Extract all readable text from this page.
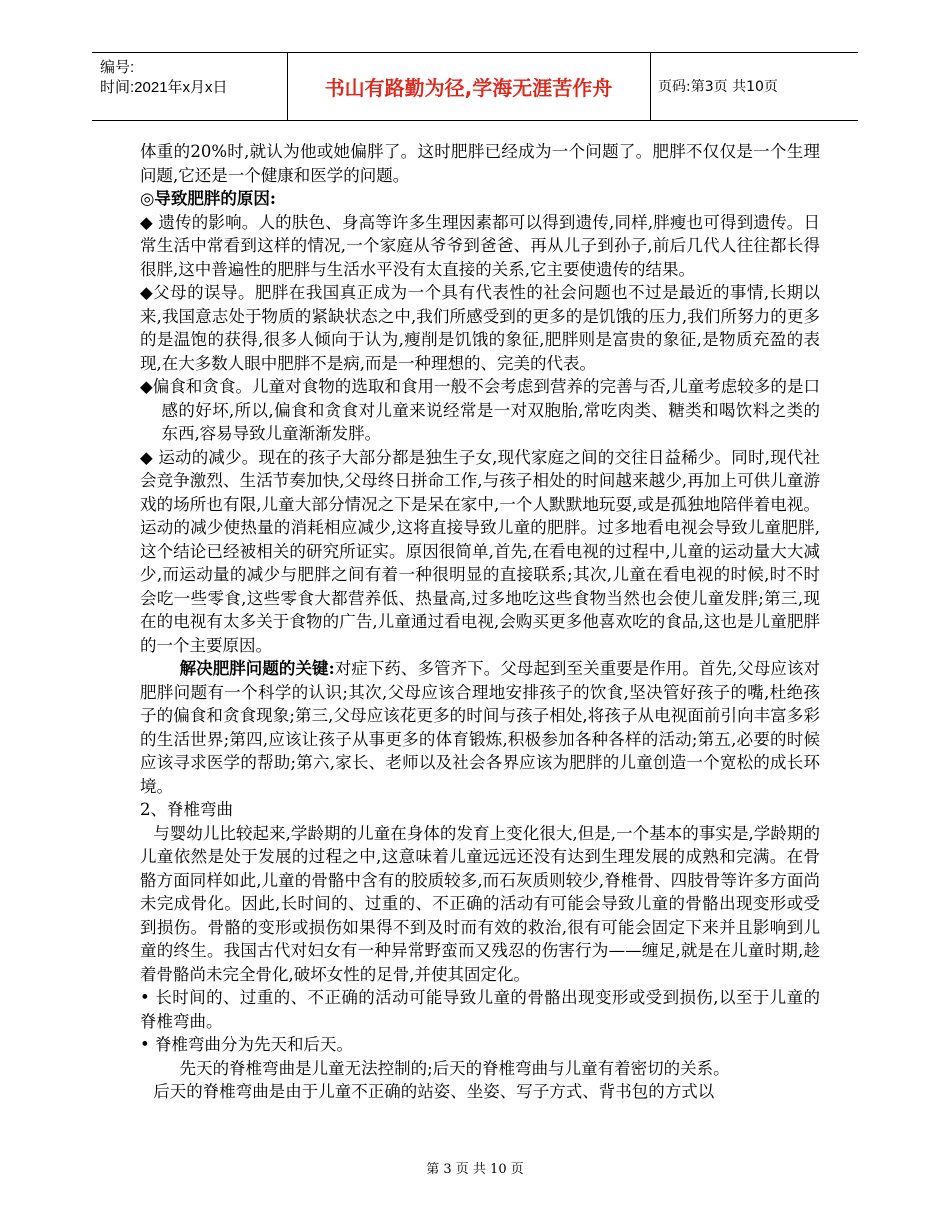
编号:
时间:2021年x月x日	书山有路勤为径,学海无涯苦作舟	页码:第3页 共10页

体重的20%时,就认为他或她偏胖了。这时肥胖已经成为一个问题了。肥胖不仅仅是一个生理问题,它还是一个健康和医学的问题。

◎导致肥胖的原因:

◆ 遗传的影响。人的肤色、身高等许多生理因素都可以得到遗传,同样,胖瘦也可得到遗传。日常生活中常看到这样的情况,一个家庭从爷爷到爸爸、再从儿子到孙子,前后几代人往往都长得很胖,这中普遍性的肥胖与生活水平没有太直接的关系,它主要使遗传的结果。

◆父母的误导。肥胖在我国真正成为一个具有代表性的社会问题也不过是最近的事情,长期以来,我国意志处于物质的紧缺状态之中,我们所感受到的更多的是饥饿的压力,我们所努力的更多的是温饱的获得,很多人倾向于认为,瘦削是饥饿的象征,肥胖则是富贵的象征,是物质充盈的表现,在大多数人眼中肥胖不是病,而是一种理想的、完美的代表。

◆偏食和贪食。儿童对食物的选取和食用一般不会考虑到营养的完善与否,儿童考虑较多的是口感的好坏,所以,偏食和贪食对儿童来说经常是一对双胞胎,常吃肉类、糖类和喝饮料之类的东西,容易导致儿童渐渐发胖。

◆ 运动的减少。现在的孩子大部分都是独生子女,现代家庭之间的交往日益稀少。同时,现代社会竞争激烈、生活节奏加快,父母终日拼命工作,与孩子相处的时间越来越少,再加上可供儿童游戏的场所也有限,儿童大部分情况之下是呆在家中,一个人默默地玩耍,或是孤独地陪伴着电视。运动的减少使热量的消耗相应减少,这将直接导致儿童的肥胖。过多地看电视会导致儿童肥胖,这个结论已经被相关的研究所证实。原因很简单,首先,在看电视的过程中,儿童的运动量大大减少,而运动量的减少与肥胖之间有着一种很明显的直接联系;其次,儿童在看电视的时候,时不时会吃一些零食,这些零食大都营养低、热量高,过多地吃这些食物当然也会使儿童发胖;第三,现在的电视有太多关于食物的广告,儿童通过看电视,会购买更多他喜欢吃的食品,这也是儿童肥胖的一个主要原因。

解决肥胖问题的关键:对症下药、多管齐下。父母起到至关重要是作用。首先,父母应该对肥胖问题有一个科学的认识;其次,父母应该合理地安排孩子的饮食,坚决管好孩子的嘴,杜绝孩子的偏食和贪食现象;第三,父母应该花更多的时间与孩子相处,将孩子从电视面前引向丰富多彩的生活世界;第四,应该让孩子从事更多的体育锻炼,积极参加各种各样的活动;第五,必要的时候应该寻求医学的帮助;第六,家长、老师以及社会各界应该为肥胖的儿童创造一个宽松的成长环境。

2、脊椎弯曲

与婴幼儿比较起来,学龄期的儿童在身体的发育上变化很大,但是,一个基本的事实是,学龄期的儿童依然是处于发展的过程之中,这意味着儿童远远还没有达到生理发展的成熟和完满。在骨骼方面同样如此,儿童的骨骼中含有的胶质较多,而石灰质则较少,脊椎骨、四肢骨等许多方面尚未完成骨化。因此,长时间的、过重的、不正确的活动有可能会导致儿童的骨骼出现变形或受到损伤。骨骼的变形或损伤如果得不到及时而有效的救治,很有可能会固定下来并且影响到儿童的终生。我国古代对妇女有一种异常野蛮而又残忍的伤害行为——缠足,就是在儿童时期,趁着骨骼尚未完全骨化,破坏女性的足骨,并使其固定化。

• 长时间的、过重的、不正确的活动可能导致儿童的骨骼出现变形或受到损伤,以至于儿童的脊椎弯曲。

• 脊椎弯曲分为先天和后天。

先天的脊椎弯曲是儿童无法控制的;后天的脊椎弯曲与儿童有着密切的关系。

后天的脊椎弯曲是由于儿童不正确的站姿、坐姿、写子方式、背书包的方式以

第 3 页 共 10 页
